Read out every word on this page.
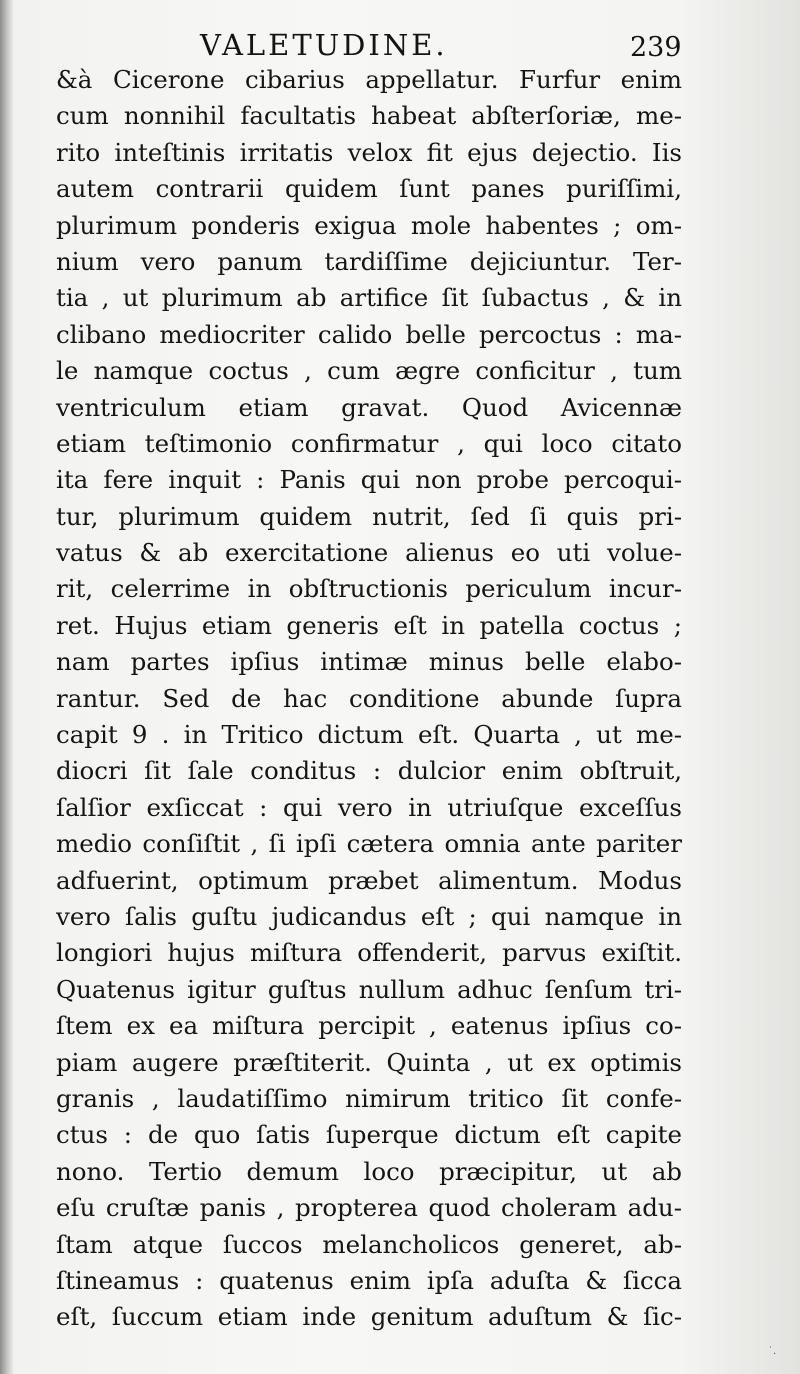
VALETUDINE.	239
&à Cicerone cibarius appellatur. Furfur enim
cum nonnihil facultatis habeat abſterſoriæ, me-
rito inteſtinis irritatis velox fit ejus dejectio. Iis
autem contrarii quidem ſunt panes puriſſimi,
plurimum ponderis exigua mole habentes ; om-
nium vero panum tardiſſime dejiciuntur. Ter-
tia , ut plurimum ab artifice ſit ſubactus , & in
clibano mediocriter calido belle percoctus : ma-
le namque coctus , cum ægre conficitur , tum
ventriculum etiam gravat. Quod Avicennæ
etiam teſtimonio confirmatur , qui loco citato
ita fere inquit : Panis qui non probe percoqui-
tur, plurimum quidem nutrit, ſed ſi quis pri-
vatus & ab exercitatione alienus eo uti volue-
rit, celerrime in obſtructionis periculum incur-
ret. Hujus etiam generis eſt in patella coctus ;
nam partes ipſius intimæ minus belle elabo-
rantur. Sed de hac conditione abunde ſupra
capit 9 . in Tritico dictum eſt. Quarta , ut me-
diocri ſit ſale conditus : dulcior enim obſtruit,
ſalſior exſiccat : qui vero in utriuſque exceſſus
medio conſiſtit , ſi ipſi cætera omnia ante pariter
adfuerint, optimum præbet alimentum. Modus
vero ſalis guſtu judicandus eſt ; qui namque in
longiori hujus miſtura offenderit, parvus exiſtit.
Quatenus igitur guſtus nullum adhuc ſenſum tri-
ſtem ex ea miſtura percipit , eatenus ipſius co-
piam augere præſtiterit. Quinta , ut ex optimis
granis , laudatiſſimo nimirum tritico ſit confe-
ctus : de quo ſatis ſuperque dictum eſt capite
nono. Tertio demum loco præcipitur, ut ab
eſu cruſtæ panis , propterea quod choleram adu-
ſtam atque ſuccos melancholicos generet, ab-
ſtineamus : quatenus enim ipſa aduſta & ſicca
eſt, ſuccum etiam inde genitum aduſtum & ſic-
˙.
